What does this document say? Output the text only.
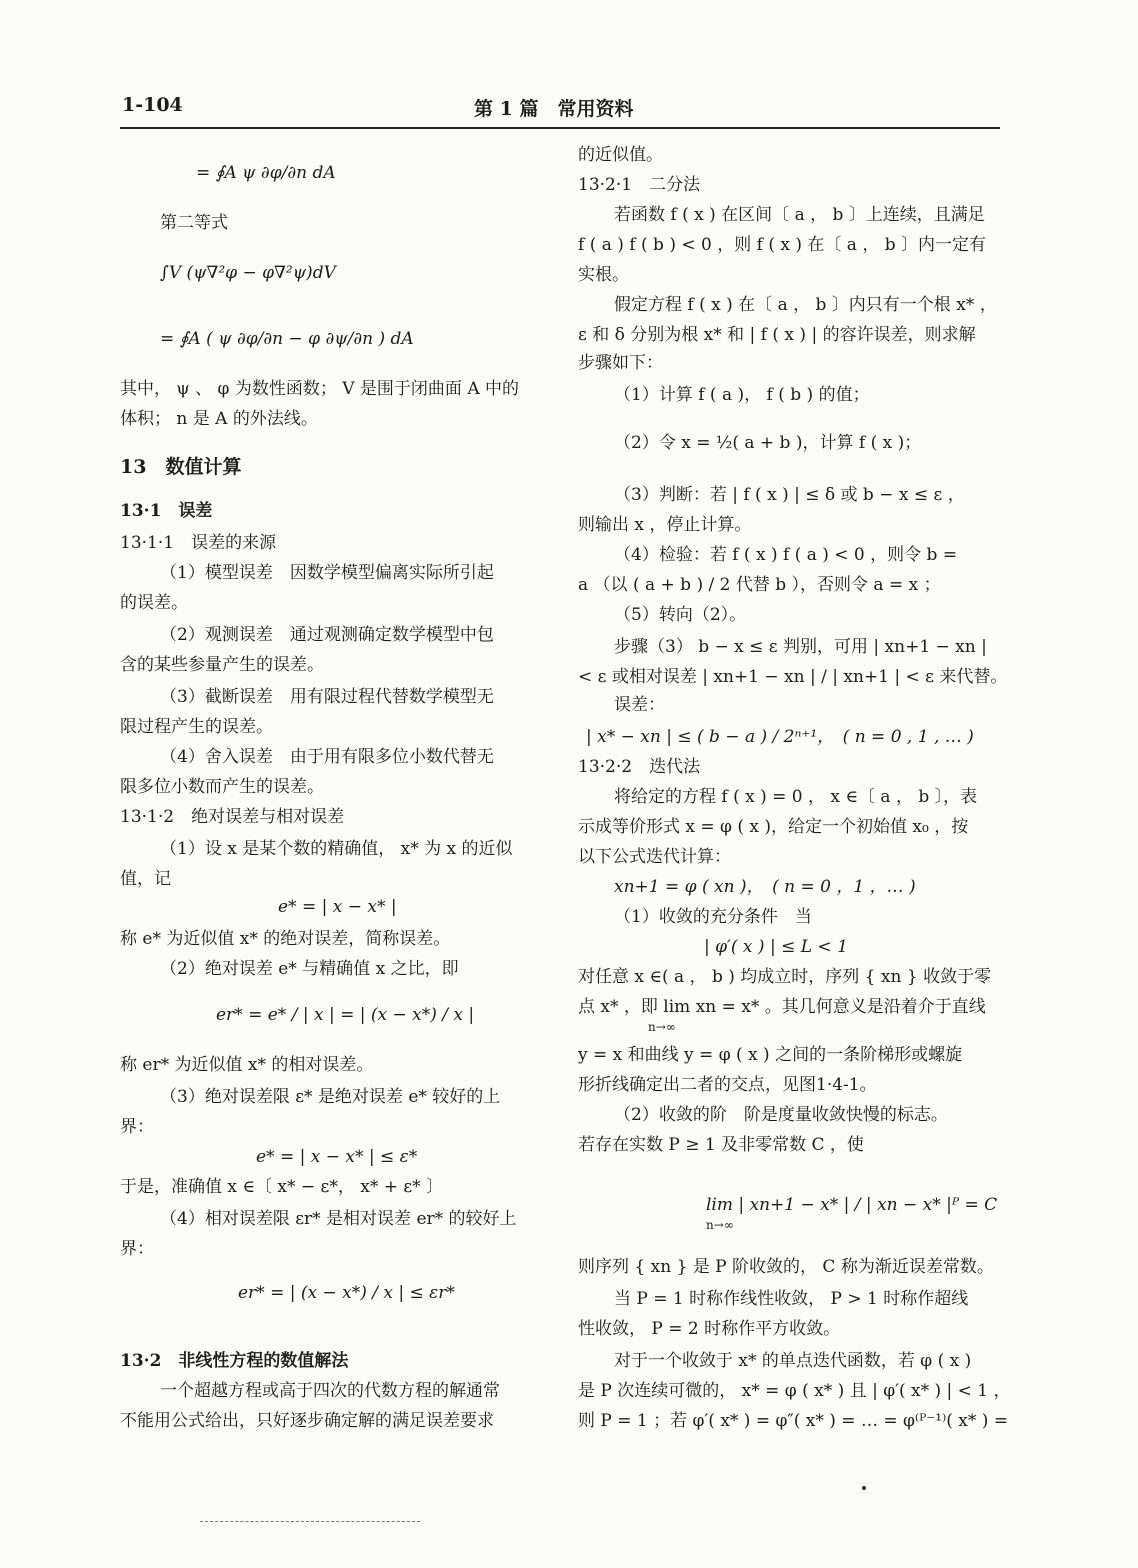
1-104	第 1 篇　常用资料
= ∮A ψ ∂φ/∂n dA
第二等式
∫V (ψ∇²φ − φ∇²ψ)dV
= ∮A ( ψ ∂φ/∂n − φ ∂ψ/∂n ) dA
其中， ψ 、 φ 为数性函数； V 是围于闭曲面 A 中的
体积； n 是 A 的外法线。
13　数值计算
13·1　误差
13·1·1　误差的来源
（1）模型误差　因数学模型偏离实际所引起
的误差。
（2）观测误差　通过观测确定数学模型中包
含的某些参量产生的误差。
（3）截断误差　用有限过程代替数学模型无
限过程产生的误差。
（4）舍入误差　由于用有限多位小数代替无
限多位小数而产生的误差。
13·1·2　绝对误差与相对误差
（1）设 x 是某个数的精确值， x* 为 x 的近似
值，记
e* = | x − x* |
称 e* 为近似值 x* 的绝对误差，简称误差。
（2）绝对误差 e* 与精确值 x 之比，即
er* = e* / | x | = | (x − x*) / x |
称 er* 为近似值 x* 的相对误差。
（3）绝对误差限 ε* 是绝对误差 e* 较好的上
界：
e* = | x − x* | ≤ ε*
于是，准确值 x ∈〔 x* − ε*， x* + ε* 〕
（4）相对误差限 εr* 是相对误差 er* 的较好上
界：
er* = | (x − x*) / x | ≤ εr*
13·2　非线性方程的数值解法
一个超越方程或高于四次的代数方程的解通常
不能用公式给出，只好逐步确定解的满足误差要求
的近似值。
13·2·1　二分法
若函数 f ( x ) 在区间〔 a ， b 〕上连续，且满足
f ( a ) f ( b ) < 0 ，则 f ( x ) 在〔 a ， b 〕内一定有
实根。
假定方程 f ( x ) 在〔 a ， b 〕内只有一个根 x* ，
ε 和 δ 分别为根 x* 和 | f ( x ) | 的容许误差，则求解
步骤如下：
（1）计算 f ( a )， f ( b ) 的值；
（2）令 x = ½( a + b )，计算 f ( x )；
（3）判断：若 | f ( x ) | ≤ δ 或 b − x ≤ ε ，
则输出 x ，停止计算。
（4）检验：若 f ( x ) f ( a ) < 0 ，则令 b =
a （以 ( a + b ) / 2 代替 b ），否则令 a = x ；
（5）转向（2）。
步骤（3） b − x ≤ ε 判别，可用 | xn+1 − xn |
< ε 或相对误差 | xn+1 − xn | / | xn+1 | < ε 来代替。
误差：
| x* − xn | ≤ ( b − a ) / 2ⁿ⁺¹，　( n = 0 , 1 , … )
13·2·2　迭代法
将给定的方程 f ( x ) = 0 ， x ∈〔 a ， b 〕，表
示成等价形式 x = φ ( x )，给定一个初始值 x₀ ，按
以下公式迭代计算：
xn+1 = φ ( xn )，　( n = 0 ，1 ，… )
（1）收敛的充分条件　当
| φ′( x ) | ≤ L < 1
对任意 x ∈( a ， b ) 均成立时，序列 { xn } 收敛于零
点 x* ，即 lim xn = x* 。其几何意义是沿着介于直线
n→∞
y = x 和曲线 y = φ ( x ) 之间的一条阶梯形或螺旋
形折线确定出二者的交点，见图1·4-1。
（2）收敛的阶　阶是度量收敛快慢的标志。
若存在实数 P ≥ 1 及非零常数 C ，使
lim | xn+1 − x* | / | xn − x* |ᴾ = C
n→∞
则序列 { xn } 是 P 阶收敛的， C 称为渐近误差常数。
当 P = 1 时称作线性收敛， P > 1 时称作超线
性收敛， P = 2 时称作平方收敛。
对于一个收敛于 x* 的单点迭代函数，若 φ ( x )
是 P 次连续可微的， x* = φ ( x* ) 且 | φ′( x* ) | < 1 ，
则 P = 1 ；若 φ′( x* ) = φ″( x* ) = … = φ⁽ᴾ⁻¹⁾( x* ) =
